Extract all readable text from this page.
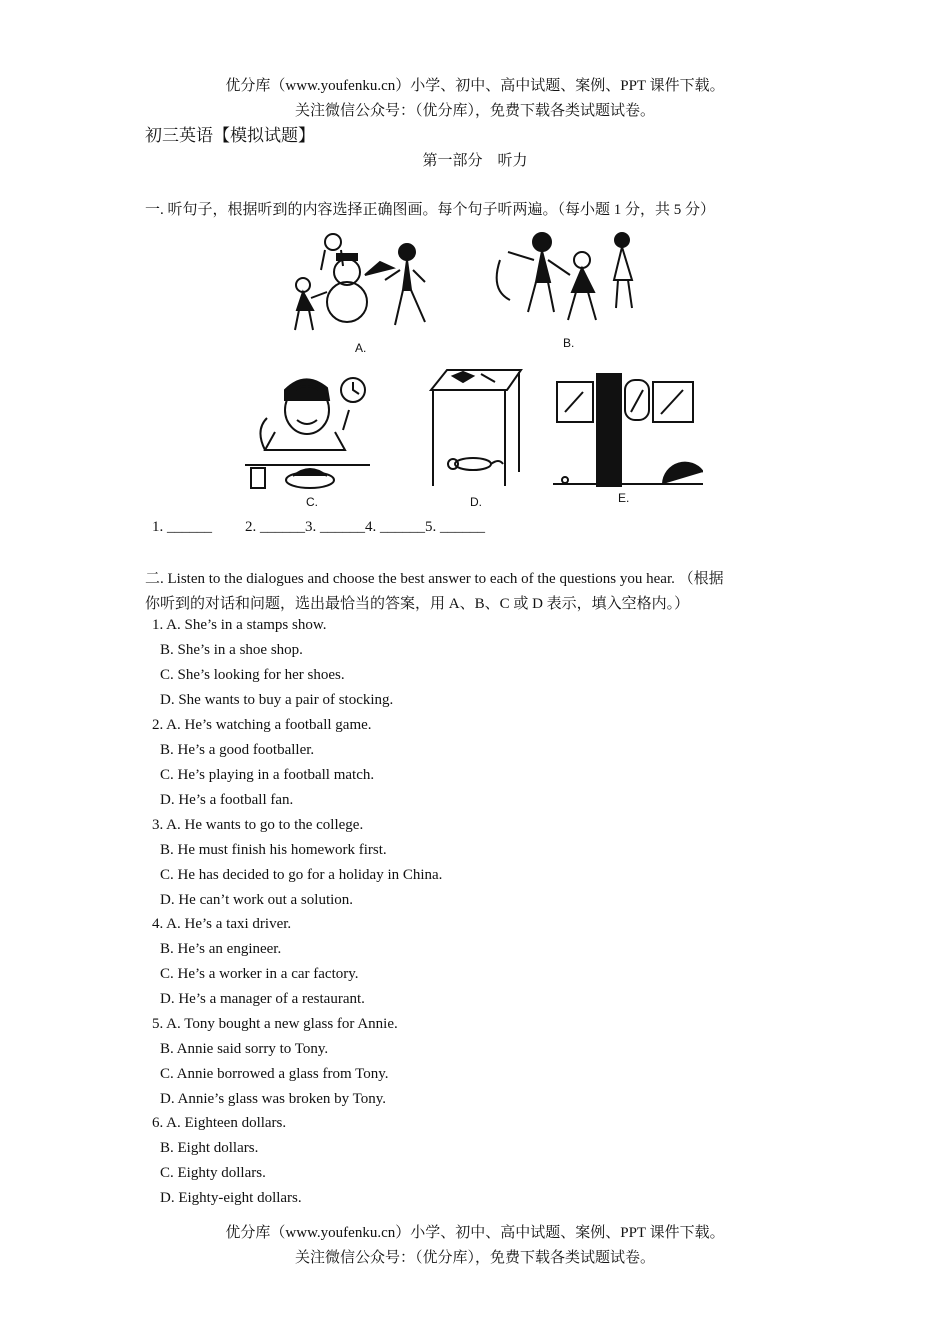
优分库（www.youfenku.cn）小学、初中、高中试题、案例、PPT 课件下载。
关注微信公众号：（优分库），免费下载各类试题试卷。
初三英语【模拟试题】
第一部分　听力
一. 听句子，根据听到的内容选择正确图画。每个句子听两遍。（每小题 1 分，共 5 分）
A.	B.
C.	D.	E.
1. ______ 2. ______3. ______4. ______5. ______
二. Listen to the dialogues and choose the best answer to each of the questions you hear. （根据
你听到的对话和问题，选出最恰当的答案，用 A、B、C 或 D 表示，填入空格内。）
1. A. She’s in a stamps show.
B. She’s in a shoe shop.
C. She’s looking for her shoes.
D. She wants to buy a pair of stocking.
2. A. He’s watching a football game.
B. He’s a good footballer.
C. He’s playing in a football match.
D. He’s a football fan.
3. A. He wants to go to the college.
B. He must finish his homework first.
C. He has decided to go for a holiday in China.
D. He can’t work out a solution.
4. A. He’s a taxi driver.
B. He’s an engineer.
C. He’s a worker in a car factory.
D. He’s a manager of a restaurant.
5. A. Tony bought a new glass for Annie.
B. Annie said sorry to Tony.
C. Annie borrowed a glass from Tony.
D. Annie’s glass was broken by Tony.
6. A. Eighteen dollars.
B. Eight dollars.
C. Eighty dollars.
D. Eighty-eight dollars.
优分库（www.youfenku.cn）小学、初中、高中试题、案例、PPT 课件下载。
关注微信公众号：（优分库），免费下载各类试题试卷。
